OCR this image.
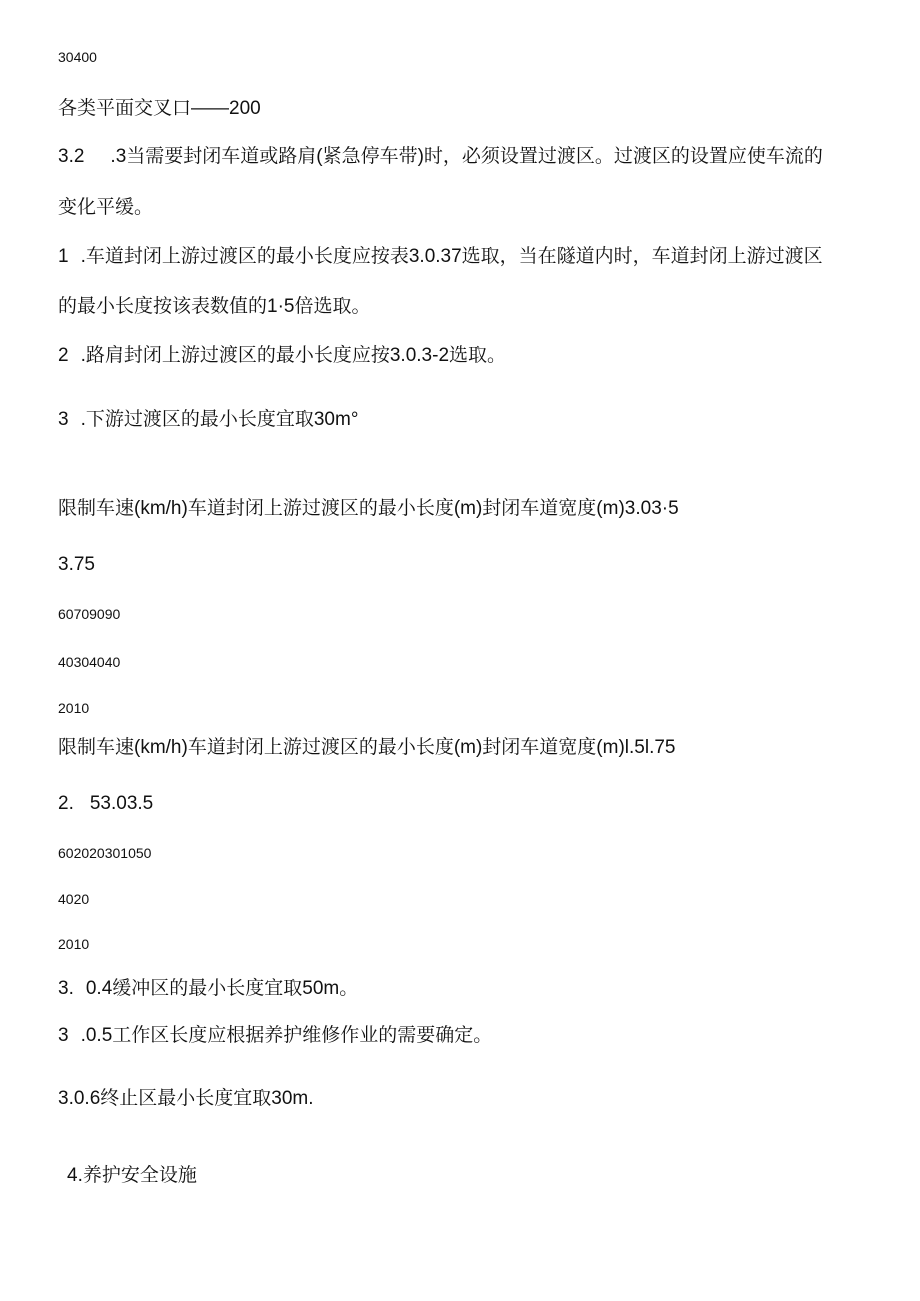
30400
各类平面交叉口——200
3.2 .3当需要封闭车道或路肩(紧急停车带)时，必须设置过渡区。过渡区的设置应使车流的
变化平缓。
1 .车道封闭上游过渡区的最小长度应按表3.0.37选取，当在隧道内时，车道封闭上游过渡区
的最小长度按该表数值的1·5倍选取。
2 .路肩封闭上游过渡区的最小长度应按3.0.3-2选取。
3 .下游过渡区的最小长度宜取30m°
限制车速(km/h)车道封闭上游过渡区的最小长度(m)封闭车道宽度(m)3.03·5
3.75
60709090
40304040
2010
限制车速(km/h)车道封闭上游过渡区的最小长度(m)封闭车道宽度(m)l.5l.75
2. 53.03.5
602020301050
4020
2010
3. 0.4缓冲区的最小长度宜取50m。
3 .0.5工作区长度应根据养护维修作业的需要确定。
3.0.6终止区最小长度宜取30m.
4.养护安全设施
